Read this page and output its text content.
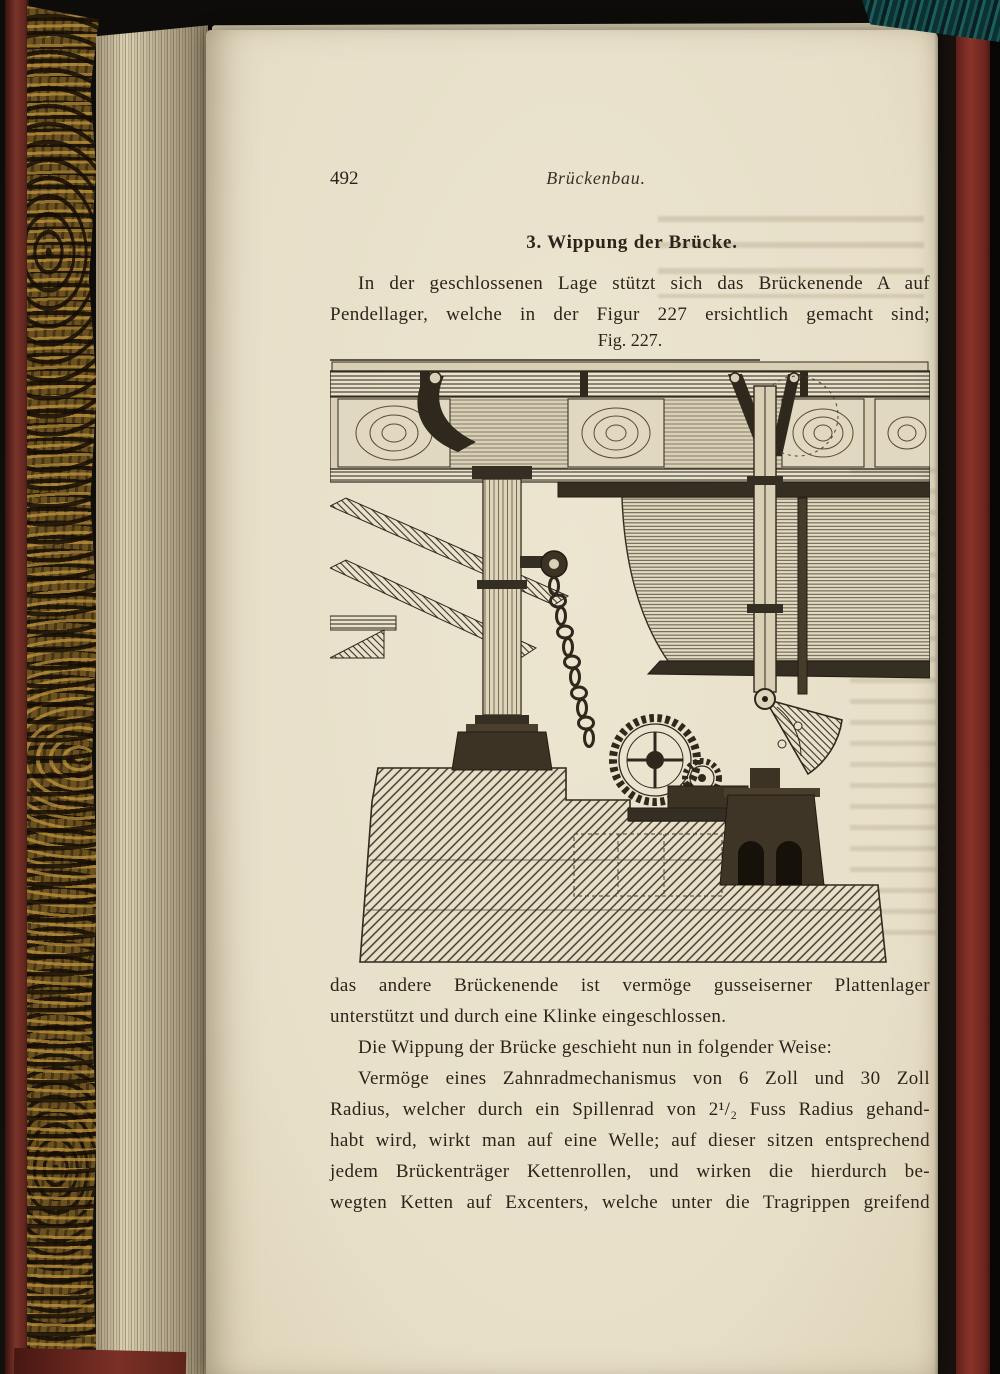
492	Brückenbau.
3. Wippung der Brücke.
In der geschlossenen Lage stützt sich das Brückenende A auf
Pendellager, welche in der Figur 227 ersichtlich gemacht sind;
Fig. 227.
das andere Brückenende ist vermöge gusseiserner Plattenlager
unterstützt und durch eine Klinke eingeschlossen.
Die Wippung der Brücke geschieht nun in folgender Weise:
Vermöge eines Zahnradmechanismus von 6 Zoll und 30 Zoll
Radius, welcher durch ein Spillenrad von 2¹/₂ Fuss Radius gehand-
habt wird, wirkt man auf eine Welle; auf dieser sitzen entsprechend
jedem Brückenträger Kettenrollen, und wirken die hierdurch be-
wegten Ketten auf Excenters, welche unter die Tragrippen greifend
